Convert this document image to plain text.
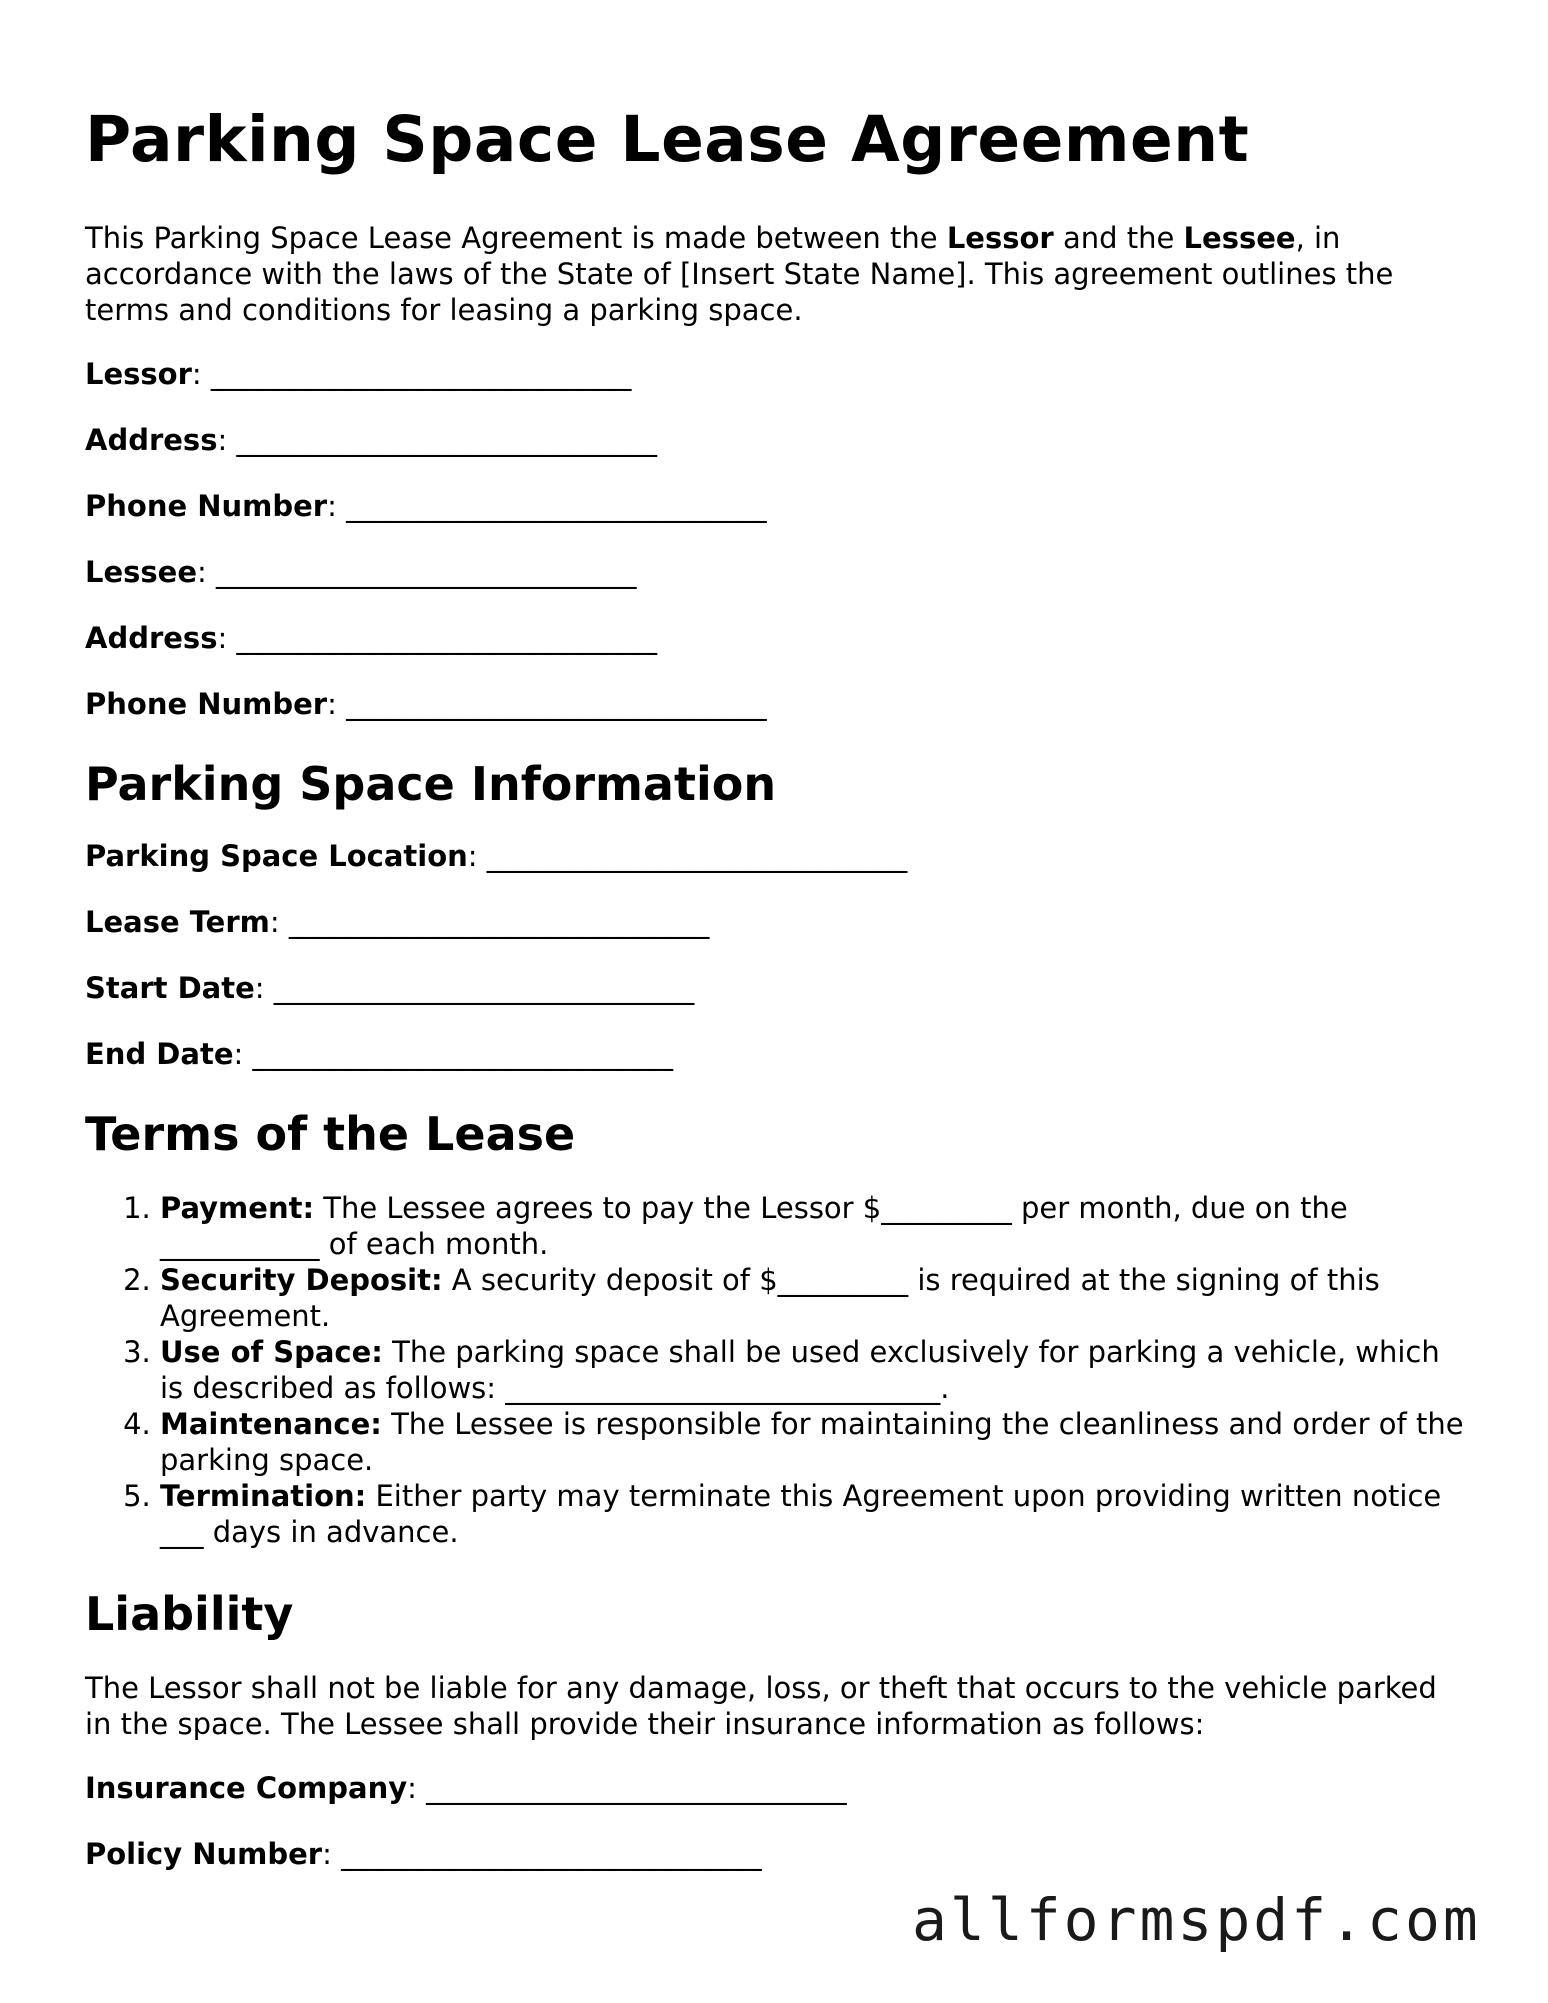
Parking Space Lease Agreement

This Parking Space Lease Agreement is made between the Lessor and the Lessee, in accordance with the laws of the State of [Insert State Name]. This agreement outlines the terms and conditions for leasing a parking space.

Lessor: _____________________________
Address: _____________________________
Phone Number: _____________________________
Lessee: _____________________________
Address: _____________________________
Phone Number: _____________________________
Parking Space Information
Parking Space Location: _____________________________
Lease Term: _____________________________
Start Date: _____________________________
End Date: _____________________________
Terms of the Lease
1. Payment: The Lessee agrees to pay the Lessor $_________ per month, due on the ___________ of each month.
2. Security Deposit: A security deposit of $_________ is required at the signing of this Agreement.
3. Use of Space: The parking space shall be used exclusively for parking a vehicle, which is described as follows: ______________________________.
4. Maintenance: The Lessee is responsible for maintaining the cleanliness and order of the parking space.
5. Termination: Either party may terminate this Agreement upon providing written notice ___ days in advance.
Liability

The Lessor shall not be liable for any damage, loss, or theft that occurs to the vehicle parked in the space. The Lessee shall provide their insurance information as follows:

Insurance Company: _____________________________
Policy Number: _____________________________
allformspdf.com
